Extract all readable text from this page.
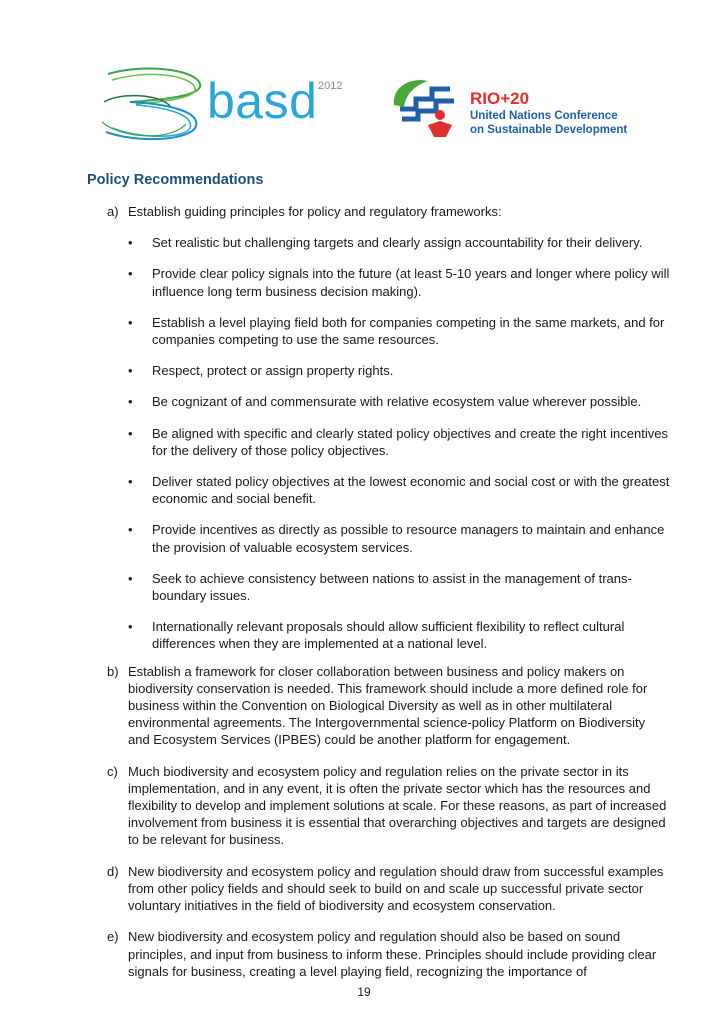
basd 2012
RIO+20
United Nations Conference
on Sustainable Development
Policy Recommendations
a) Establish guiding principles for policy and regulatory frameworks:
• Set realistic but challenging targets and clearly assign accountability for their delivery.
• Provide clear policy signals into the future (at least 5-10 years and longer where policy will influence long term business decision making).
• Establish a level playing field both for companies competing in the same markets, and for companies competing to use the same resources.
• Respect, protect or assign property rights.
• Be cognizant of and commensurate with relative ecosystem value wherever possible.
• Be aligned with specific and clearly stated policy objectives and create the right incentives for the delivery of those policy objectives.
• Deliver stated policy objectives at the lowest economic and social cost or with the greatest economic and social benefit.
• Provide incentives as directly as possible to resource managers to maintain and enhance the provision of valuable ecosystem services.
• Seek to achieve consistency between nations to assist in the management of trans-boundary issues.
• Internationally relevant proposals should allow sufficient flexibility to reflect cultural differences when they are implemented at a national level.
b) Establish a framework for closer collaboration between business and policy makers on biodiversity conservation is needed. This framework should include a more defined role for business within the Convention on Biological Diversity as well as in other multilateral environmental agreements. The Intergovernmental science-policy Platform on Biodiversity and Ecosystem Services (IPBES) could be another platform for engagement.
c) Much biodiversity and ecosystem policy and regulation relies on the private sector in its implementation, and in any event, it is often the private sector which has the resources and flexibility to develop and implement solutions at scale. For these reasons, as part of increased involvement from business it is essential that overarching objectives and targets are designed to be relevant for business.
d) New biodiversity and ecosystem policy and regulation should draw from successful examples from other policy fields and should seek to build on and scale up successful private sector voluntary initiatives in the field of biodiversity and ecosystem conservation.
e) New biodiversity and ecosystem policy and regulation should also be based on sound principles, and input from business to inform these. Principles should include providing clear signals for business, creating a level playing field, recognizing the importance of
19
